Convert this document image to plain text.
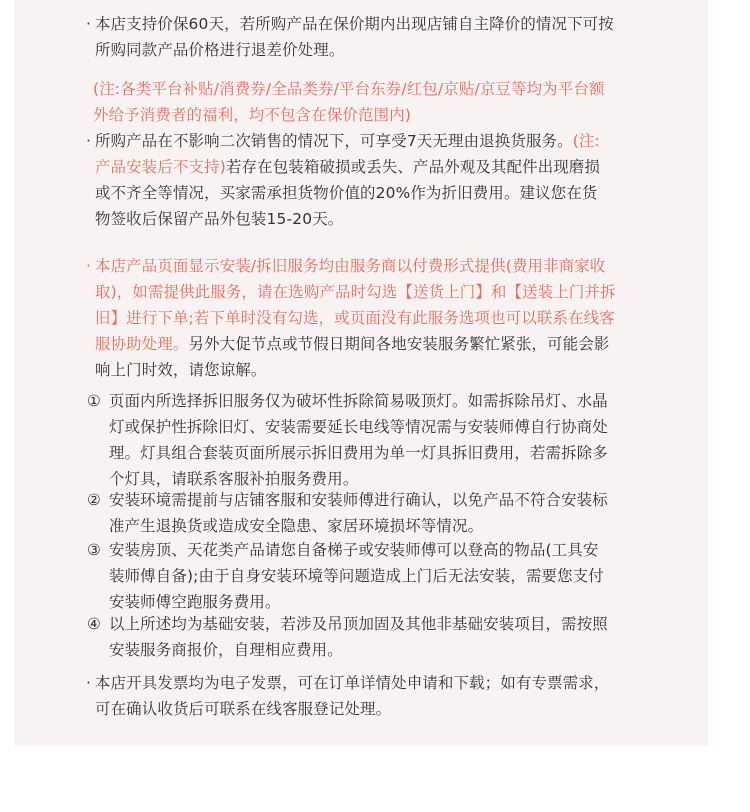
· 本店支持价保60天，若所购产品在保价期内出现店铺自主降价的情况下可按
所购同款产品价格进行退差价处理。
(注:各类平台补贴/消费券/全品类券/平台东券/红包/京贴/京豆等均为平台额
外给予消费者的福利，均不包含在保价范围内)
· 所购产品在不影响二次销售的情况下，可享受7天无理由退换货服务。(注:
产品安装后不支持)若存在包装箱破损或丢失、产品外观及其配件出现磨损
或不齐全等情况，买家需承担货物价值的20%作为折旧费用。建议您在货
物签收后保留产品外包装15-20天。
· 本店产品页面显示安装/拆旧服务均由服务商以付费形式提供(费用非商家收
取)，如需提供此服务，请在选购产品时勾选【送货上门】和【送装上门并拆
旧】进行下单;若下单时没有勾选，或页面没有此服务选项也可以联系在线客
服协助处理。另外大促节点或节假日期间各地安装服务繁忙紧张，可能会影
响上门时效，请您谅解。
① 页面内所选择拆旧服务仅为破坏性拆除简易吸顶灯。如需拆除吊灯、水晶
灯或保护性拆除旧灯、安装需要延长电线等情况需与安装师傅自行协商处
理。灯具组合套装页面所展示拆旧费用为单一灯具拆旧费用，若需拆除多
个灯具，请联系客服补拍服务费用。
② 安装环境需提前与店铺客服和安装师傅进行确认，以免产品不符合安装标
准产生退换货或造成安全隐患、家居环境损坏等情况。
③ 安装房顶、天花类产品请您自备梯子或安装师傅可以登高的物品(工具安
装师傅自备);由于自身安装环境等问题造成上门后无法安装，需要您支付
安装师傅空跑服务费用。
④ 以上所述均为基础安装，若涉及吊顶加固及其他非基础安装项目，需按照
安装服务商报价，自理相应费用。
· 本店开具发票均为电子发票，可在订单详情处申请和下载；如有专票需求，
可在确认收货后可联系在线客服登记处理。
